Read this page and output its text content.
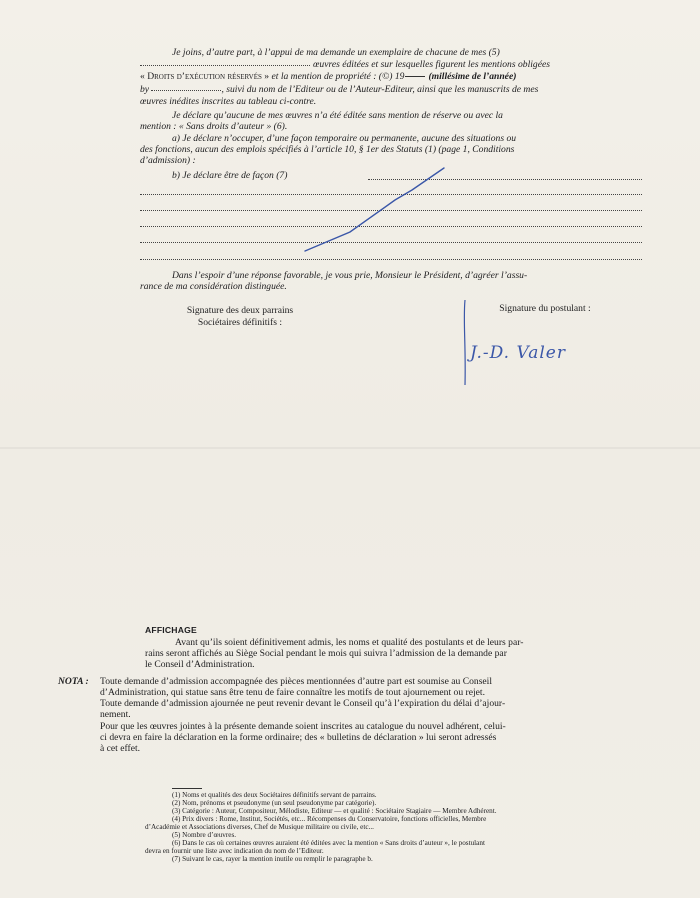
Je joins, d’autre part, à l’appui de ma demande un exemplaire de chacune de mes (5)
œuvres éditées et sur lesquelles figurent les mentions obligées
« Droits d’exécution réservés » et la mention de propriété : (©) 19	(millésime de l’année)
by	, suivi du nom de l’Editeur ou de l’Auteur-Editeur, ainsi que les manuscrits de mes
œuvres inédites inscrites au tableau ci-contre.
Je déclare qu’aucune de mes œuvres n’a été éditée sans mention de réserve ou avec la
mention : « Sans droits d’auteur » (6).
a) Je déclare n’occuper, d’une façon temporaire ou permanente, aucune des situations ou
des fonctions, aucun des emplois spécifiés à l’article 10, § 1er des Statuts (1) (page 1, Conditions
d’admission) :
b) Je déclare être de façon (7)
Dans l’espoir d’une réponse favorable, je vous prie, Monsieur le Président, d’agréer l’assu-
rance de ma considération distinguée.
Signature des deux parrains
Sociétaires définitifs :
Signature du postulant :
J.-D. Valer
AFFICHAGE
Avant qu’ils soient définitivement admis, les noms et qualité des postulants et de leurs par-
rains seront affichés au Siège Social pendant le mois qui suivra l’admission de la demande par
le Conseil d’Administration.
NOTA : Toute demande d’admission accompagnée des pièces mentionnées d’autre part est soumise au Conseil
d’Administration, qui statue sans être tenu de faire connaître les motifs de tout ajournement ou rejet.
Toute demande d’admission ajournée ne peut revenir devant le Conseil qu’à l’expiration du délai d’ajour-
nement.
Pour que les œuvres jointes à la présente demande soient inscrites au catalogue du nouvel adhérent, celui-
ci devra en faire la déclaration en la forme ordinaire; des « bulletins de déclaration » lui seront adressés
à cet effet.
(1) Noms et qualités des deux Sociétaires définitifs servant de parrains.
(2) Nom, prénoms et pseudonyme (un seul pseudonyme par catégorie).
(3) Catégorie : Auteur, Compositeur, Mélodiste, Editeur — et qualité : Sociétaire Stagiaire — Membre Adhérent.
(4) Prix divers : Rome, Institut, Sociétés, etc... Récompenses du Conservatoire, fonctions officielles, Membre
d’Académie et Associations diverses, Chef de Musique militaire ou civile, etc...
(5) Nombre d’œuvres.
(6) Dans le cas où certaines œuvres auraient été éditées avec la mention « Sans droits d’auteur », le postulant
devra en fournir une liste avec indication du nom de l’Editeur.
(7) Suivant le cas, rayer la mention inutile ou remplir le paragraphe b.
